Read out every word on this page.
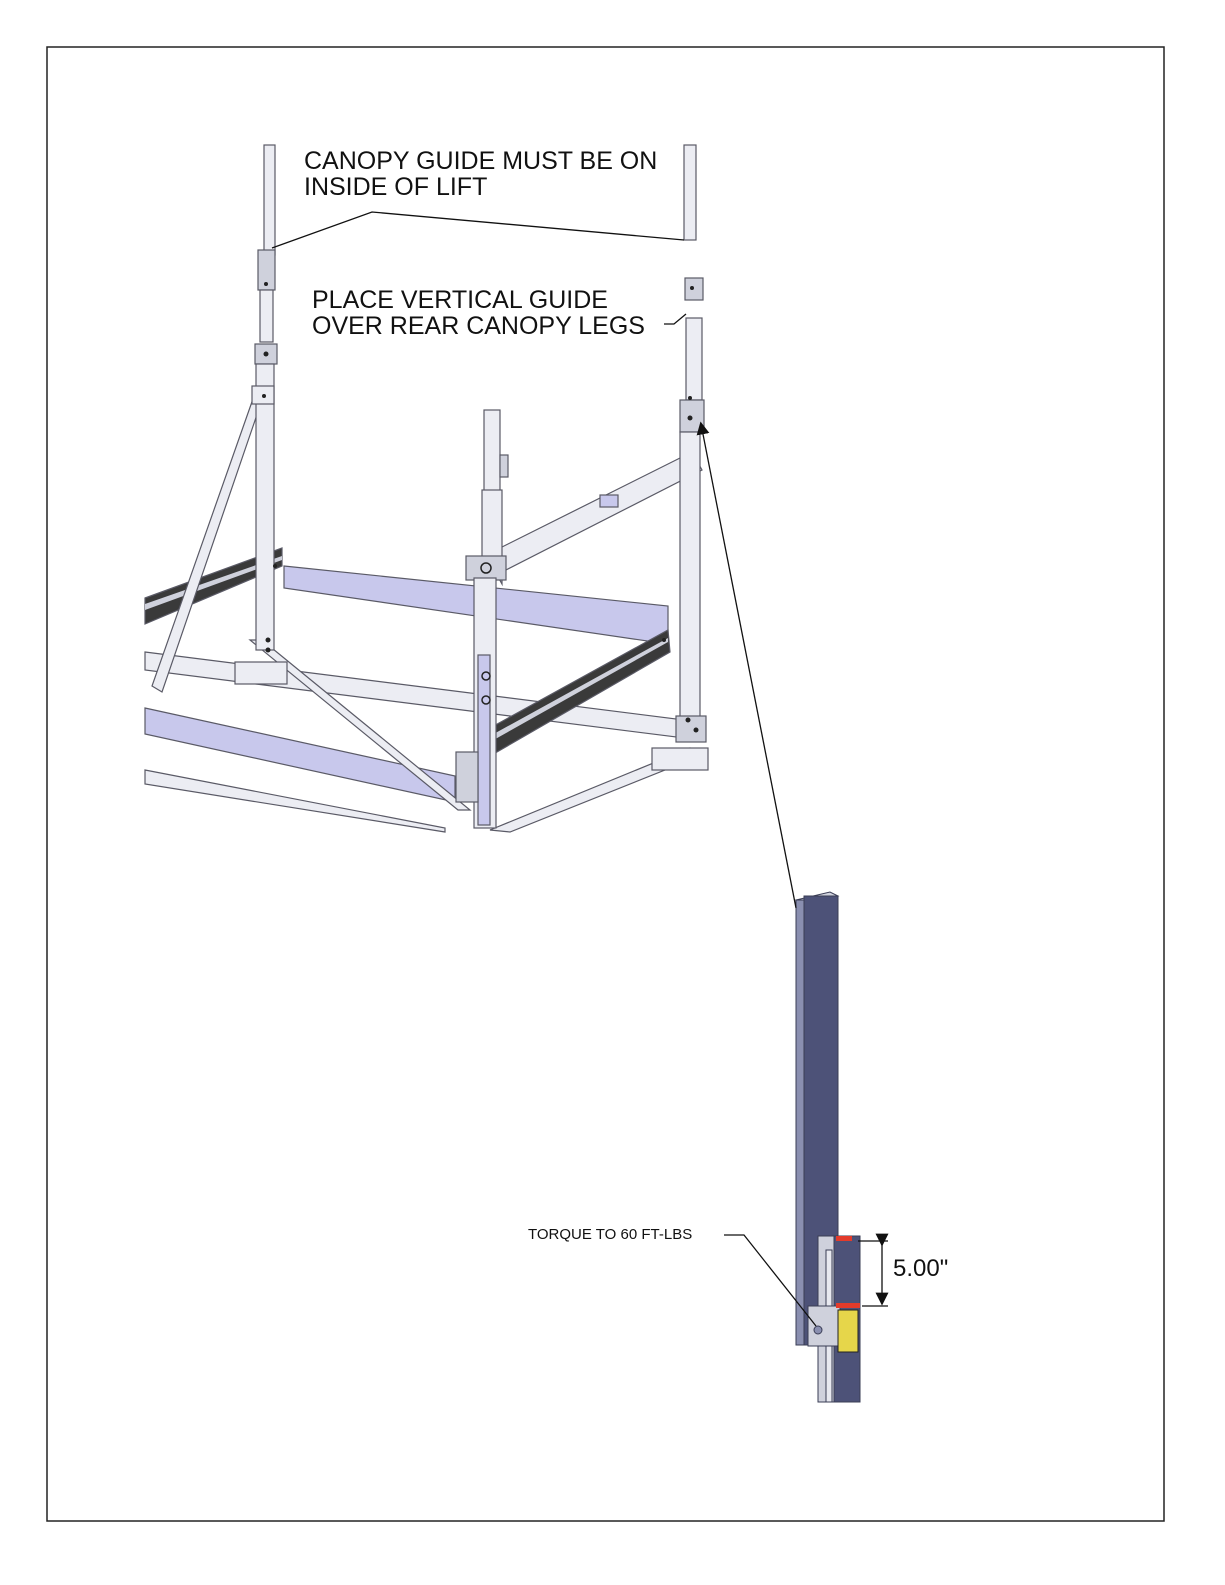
CANOPY GUIDE MUST BE ON
INSIDE OF LIFT
PLACE VERTICAL GUIDE
OVER REAR CANOPY LEGS
TORQUE TO 60 FT-LBS
5.00"
